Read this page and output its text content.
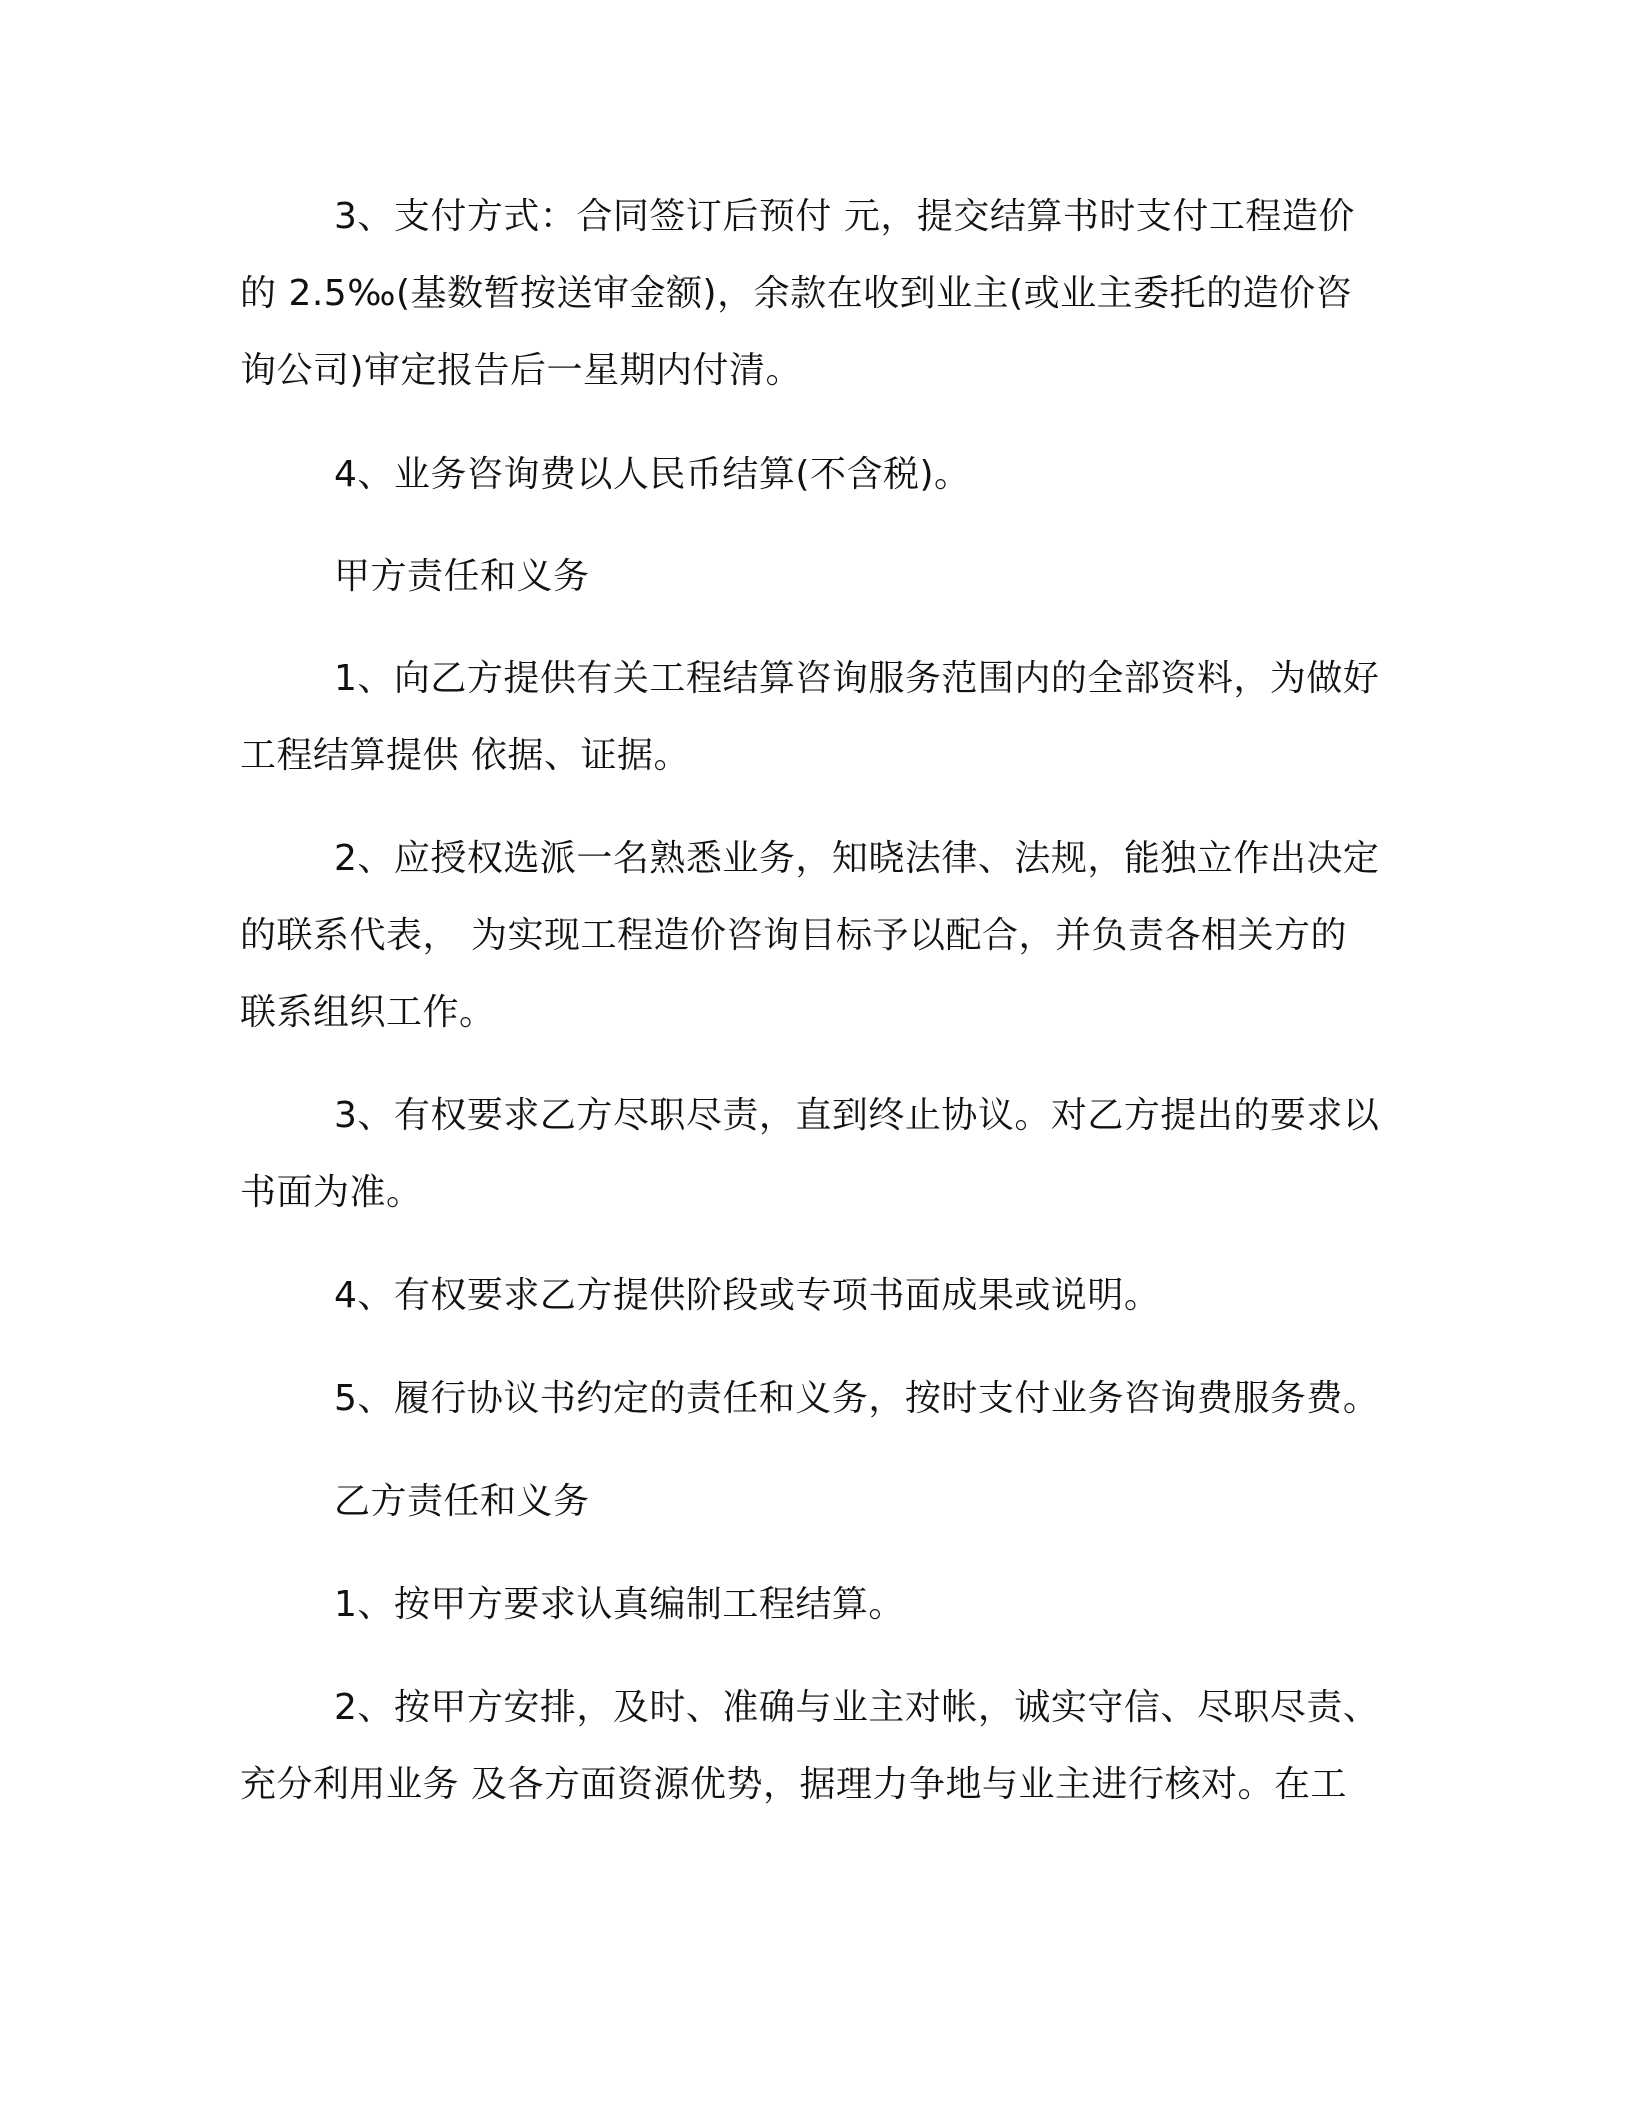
3、支付方式：合同签订后预付 元，提交结算书时支付工程造价的 2.5‰(基数暂按送审金额)，余款在收到业主(或业主委托的造价咨询公司)审定报告后一星期内付清。

4、业务咨询费以人民币结算(不含税)。

甲方责任和义务

1、向乙方提供有关工程结算咨询服务范围内的全部资料，为做好工程结算提供 依据、证据。

2、应授权选派一名熟悉业务，知晓法律、法规，能独立作出决定的联系代表， 为实现工程造价咨询目标予以配合，并负责各相关方的联系组织工作。

3、有权要求乙方尽职尽责，直到终止协议。对乙方提出的要求以书面为准。

4、有权要求乙方提供阶段或专项书面成果或说明。

5、履行协议书约定的责任和义务，按时支付业务咨询费服务费。

乙方责任和义务

1、按甲方要求认真编制工程结算。

2、按甲方安排，及时、准确与业主对帐，诚实守信、尽职尽责、充分利用业务 及各方面资源优势，据理力争地与业主进行核对。在工
